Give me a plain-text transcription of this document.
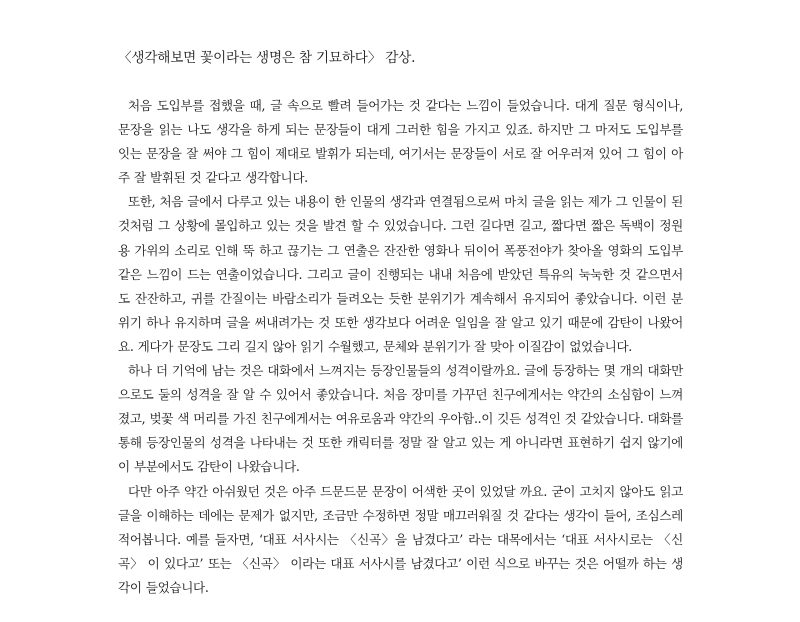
〈생각해보면 꽃이라는 생명은 참 기묘하다〉 감상.

처음 도입부를 접했을 때, 글 속으로 빨려 들어가는 것 같다는 느낌이 들었습니다. 대게 질문 형식이나, 문장을 읽는 나도 생각을 하게 되는 문장들이 대게 그러한 힘을 가지고 있죠. 하지만 그 마저도 도입부를 잇는 문장을 잘 써야 그 힘이 제대로 발휘가 되는데, 여기서는 문장들이 서로 잘 어우러져 있어 그 힘이 아주 잘 발휘된 것 같다고 생각합니다.

또한, 처음 글에서 다루고 있는 내용이 한 인물의 생각과 연결됨으로써 마치 글을 읽는 제가 그 인물이 된 것처럼 그 상황에 몰입하고 있는 것을 발견 할 수 있었습니다. 그런 길다면 길고, 짧다면 짧은 독백이 정원용 가위의 소리로 인해 뚝 하고 끊기는 그 연출은 잔잔한 영화나 뒤이어 폭풍전야가 찾아올 영화의 도입부 같은 느낌이 드는 연출이었습니다. 그리고 글이 진행되는 내내 처음에 받았던 특유의 눅눅한 것 같으면서도 잔잔하고, 귀를 간질이는 바람소리가 들려오는 듯한 분위기가 계속해서 유지되어 좋았습니다. 이런 분위기 하나 유지하며 글을 써내려가는 것 또한 생각보다 어려운 일임을 잘 알고 있기 때문에 감탄이 나왔어요. 게다가 문장도 그리 길지 않아 읽기 수월했고, 문체와 분위기가 잘 맞아 이질감이 없었습니다.

하나 더 기억에 남는 것은 대화에서 느껴지는 등장인물들의 성격이랄까요. 글에 등장하는 몇 개의 대화만으로도 둘의 성격을 잘 알 수 있어서 좋았습니다. 처음 장미를 가꾸던 친구에게서는 약간의 소심함이 느껴졌고, 벚꽃 색 머리를 가진 친구에게서는 여유로움과 약간의 우아함..이 깃든 성격인 것 같았습니다. 대화를 통해 등장인물의 성격을 나타내는 것 또한 캐릭터를 정말 잘 알고 있는 게 아니라면 표현하기 쉽지 않기에 이 부분에서도 감탄이 나왔습니다.

다만 아주 약간 아쉬웠던 것은 아주 드문드문 문장이 어색한 곳이 있었달 까요. 굳이 고치지 않아도 읽고 글을 이해하는 데에는 문제가 없지만, 조금만 수정하면 정말 매끄러워질 것 같다는 생각이 들어, 조심스레 적어봅니다. 예를 들자면, ‘대표 서사시는 〈신곡〉을 남겼다고’ 라는 대목에서는 ‘대표 서사시로는 〈신곡〉 이 있다고’ 또는 〈신곡〉 이라는 대표 서사시를 남겼다고’ 이런 식으로 바꾸는 것은 어떨까 하는 생각이 들었습니다.
